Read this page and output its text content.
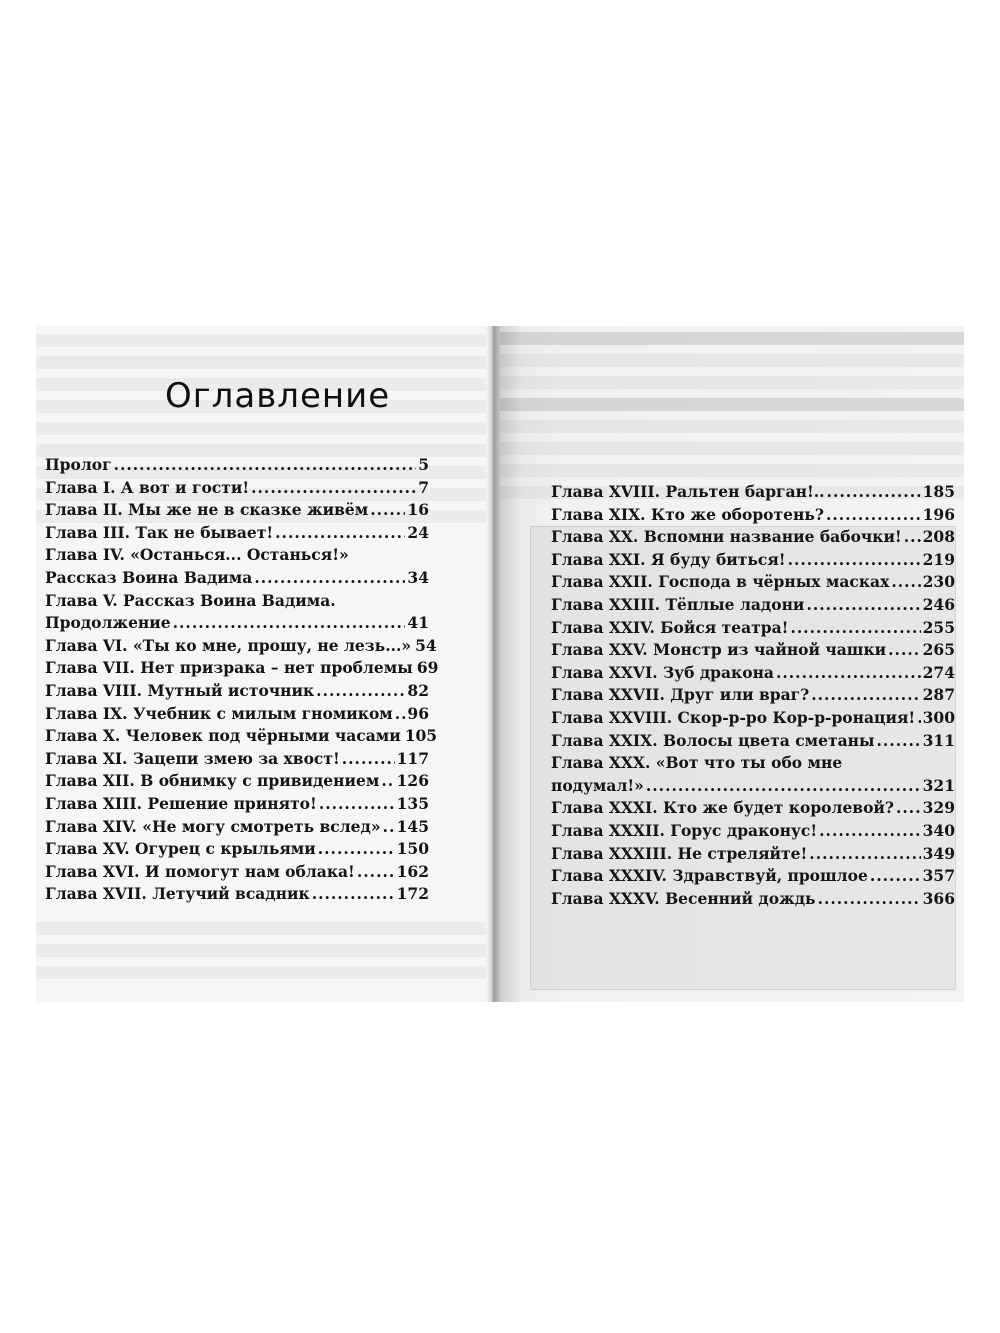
Оглавление
Пролог .....	5
Глава I. А вот и гости! .....	7
Глава II. Мы же не в сказке живём .....	16
Глава III. Так не бывает! .....	24
Глава IV. «Останься... Останься!»
Рассказ Воина Вадима .....	34
Глава V. Рассказ Воина Вадима.
Продолжение .....	41
Глава VI. «Ты ко мне, прошу, не лезь...» 54
Глава VII. Нет призрака – нет проблемы 69
Глава VIII. Мутный источник .....	82
Глава IX. Учебник с милым гномиком ..... 96
Глава X. Человек под чёрными часами 105
Глава XI. Зацепи змею за хвост! .....	117
Глава XII. В обнимку с привидением ..... 126
Глава XIII. Решение принято! .....	135
Глава XIV. «Не могу смотреть вслед» ..... 145
Глава XV. Огурец с крыльями .....	150
Глава XVI. И помогут нам облака! .....	162
Глава XVII. Летучий всадник .....	172
Глава XVIII. Ральтен барган!.. .....	185
Глава XIX. Кто же оборотень? .....	196
Глава XX. Вспомни название бабочки! ..... 208
Глава XXI. Я буду биться! .....	219
Глава XXII. Господа в чёрных масках ..... 230
Глава XXIII. Тёплые ладони .....	246
Глава XXIV. Бойся театра! .....	255
Глава XXV. Монстр из чайной чашки ..... 265
Глава XXVI. Зуб дракона .....	274
Глава XXVII. Друг или враг? .....	287
Глава XXVIII. Скор-р-ро Кор-р-ронация! ..... 300
Глава XXIX. Волосы цвета сметаны .....	311
Глава XXX. «Вот что ты обо мне
подумал!» .....	321
Глава XXXI. Кто же будет королевой? ..... 329
Глава XXXII. Горус драконус! .....	340
Глава XXXIII. Не стреляйте! .....	349
Глава XXXIV. Здравствуй, прошлое .....	357
Глава XXXV. Весенний дождь .....	366
